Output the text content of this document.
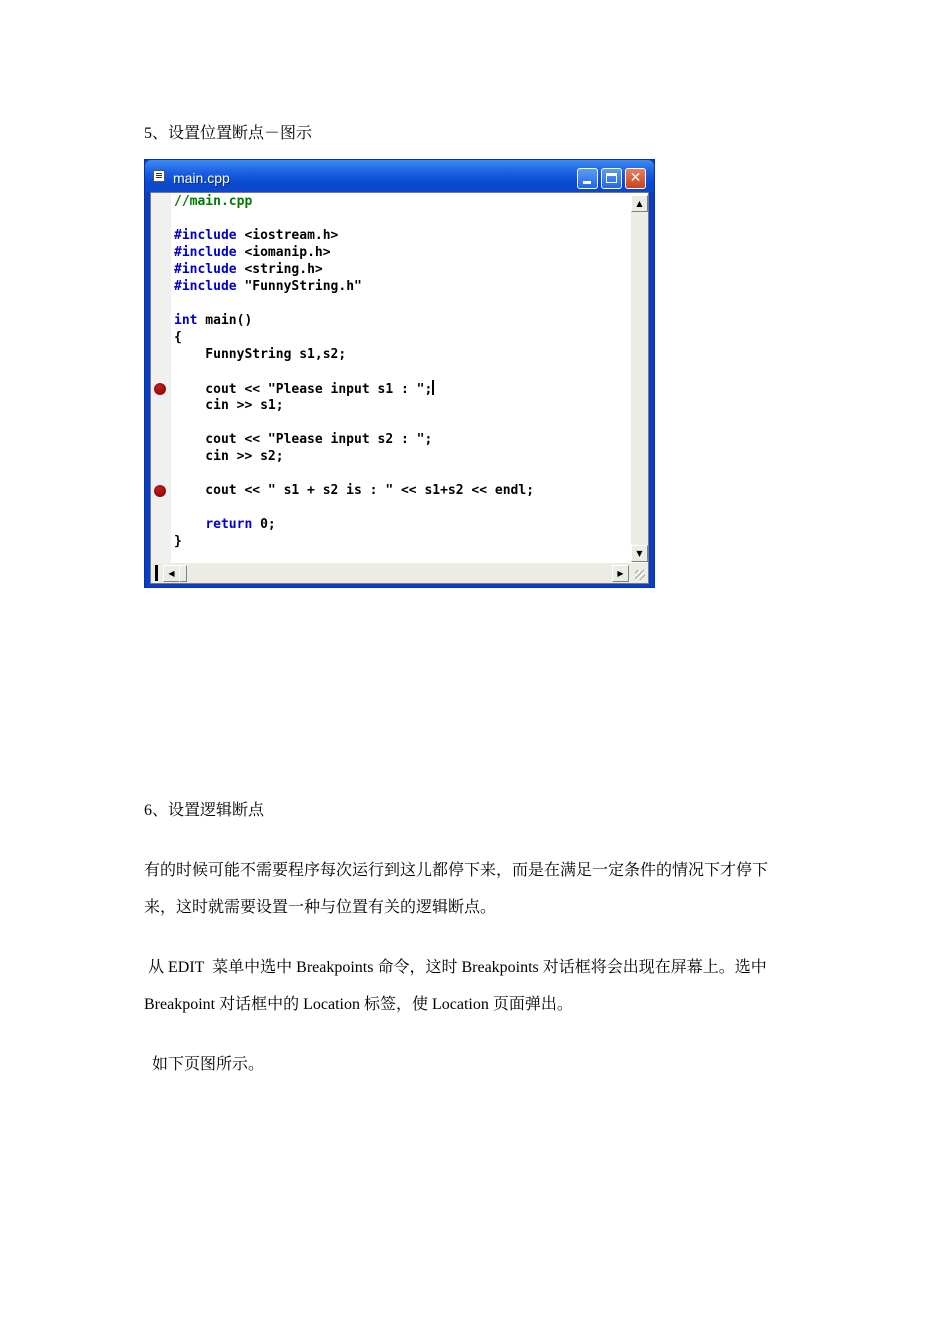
5、设置位置断点－图示
main.cpp	✕
//main.cpp
#include <iostream.h>
#include <iomanip.h>
#include <string.h>
#include "FunnyString.h"
int main()
{
FunnyString s1,s2;
cout << "Please input s1 : ";
cin >> s1;
cout << "Please input s2 : ";
cin >> s2;
cout << " s1 + s2 is : " << s1+s2 << endl;
return 0;
}
▲
▼
◀	▶
6、设置逻辑断点
有的时候可能不需要程序每次运行到这儿都停下来，而是在满足一定条件的情况下才停下
来，这时就需要设置一种与位置有关的逻辑断点。
从 EDIT  菜单中选中 Breakpoints 命令，这时 Breakpoints 对话框将会出现在屏幕上。选中
Breakpoint 对话框中的 Location 标签，使 Location 页面弹出。
如下页图所示。
